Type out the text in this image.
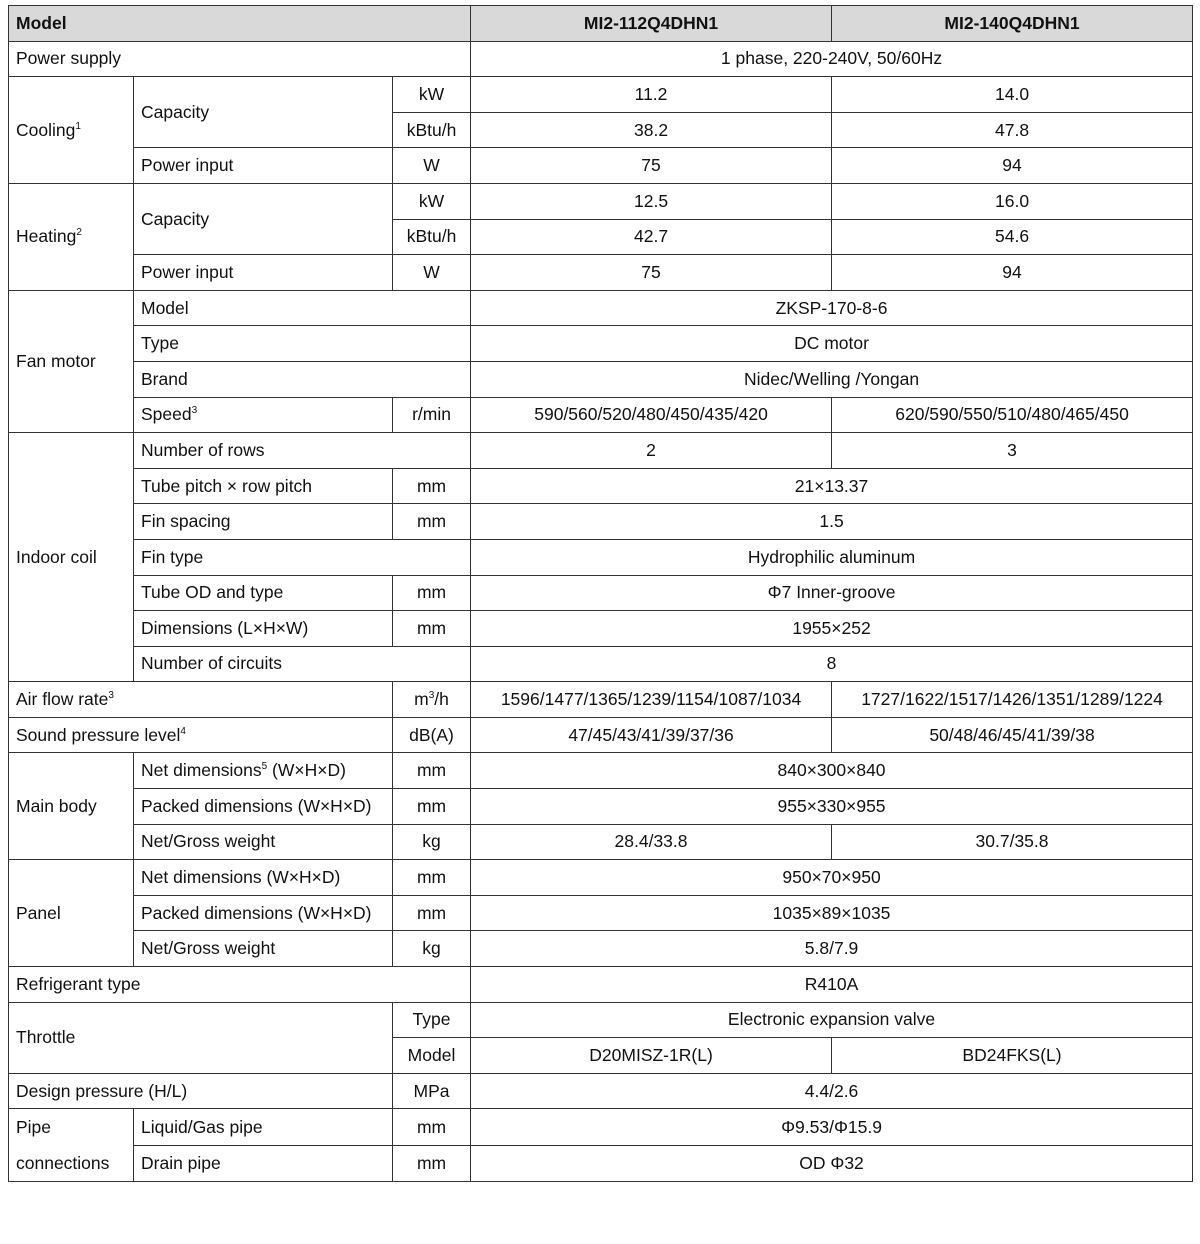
Model			MI2-112Q4DHN1	MI2-140Q4DHN1
Power supply			1 phase, 220-240V, 50/60Hz	
Cooling$^1$	Capacity	kW	11.2	14.0
		kBtu/h	38.2	47.8
	Power input	W	75	94
Heating$^2$	Capacity	kW	12.5	16.0
		kBtu/h	42.7	54.6
	Power input	W	75	94
Fan motor	Model		ZKSP-170-8-6	
	Type		DC motor	
	Brand		Nidec/Welling /Yongan	
	Speed$^3$	r/min	590/560/520/480/450/435/420	620/590/550/510/480/465/450
Indoor coil	Number of rows		2	3
	Tube pitch × row pitch	mm	21×13.37	
	Fin spacing	mm	1.5	
	Fin type		Hydrophilic aluminum	
	Tube OD and type	mm	Φ7 Inner-groove	
	Dimensions (L×H×W)	mm	1955×252	
	Number of circuits		8	
Air flow rate$^3$		$m^3/h$	1596/1477/1365/1239/1154/1087/1034	1727/1622/1517/1426/1351/1289/1224
Sound pressure level$^4$		dB(A)	47/45/43/41/39/37/36	50/48/46/45/41/39/38
Main body	Net dimensions$^5$ (W×H×D)	mm	840×300×840	
	Packed dimensions (W×H×D)	mm	955×330×955	
	Net/Gross weight	kg	28.4/33.8	30.7/35.8
Panel	Net dimensions (W×H×D)	mm	950×70×950	
	Packed dimensions (W×H×D)	mm	1035×89×1035	
	Net/Gross weight	kg	5.8/7.9	
Refrigerant type			R410A	
Throttle		Type	Electronic expansion valve	
		Model	D20MISZ-1R(L)	BD24FKS(L)
Design pressure (H/L)		MPa	4.4/2.6	

Pipe
connections	Liquid/Gas pipe	mm	Φ9.53/Φ15.9	
	Drain pipe	mm	OD Φ32	
